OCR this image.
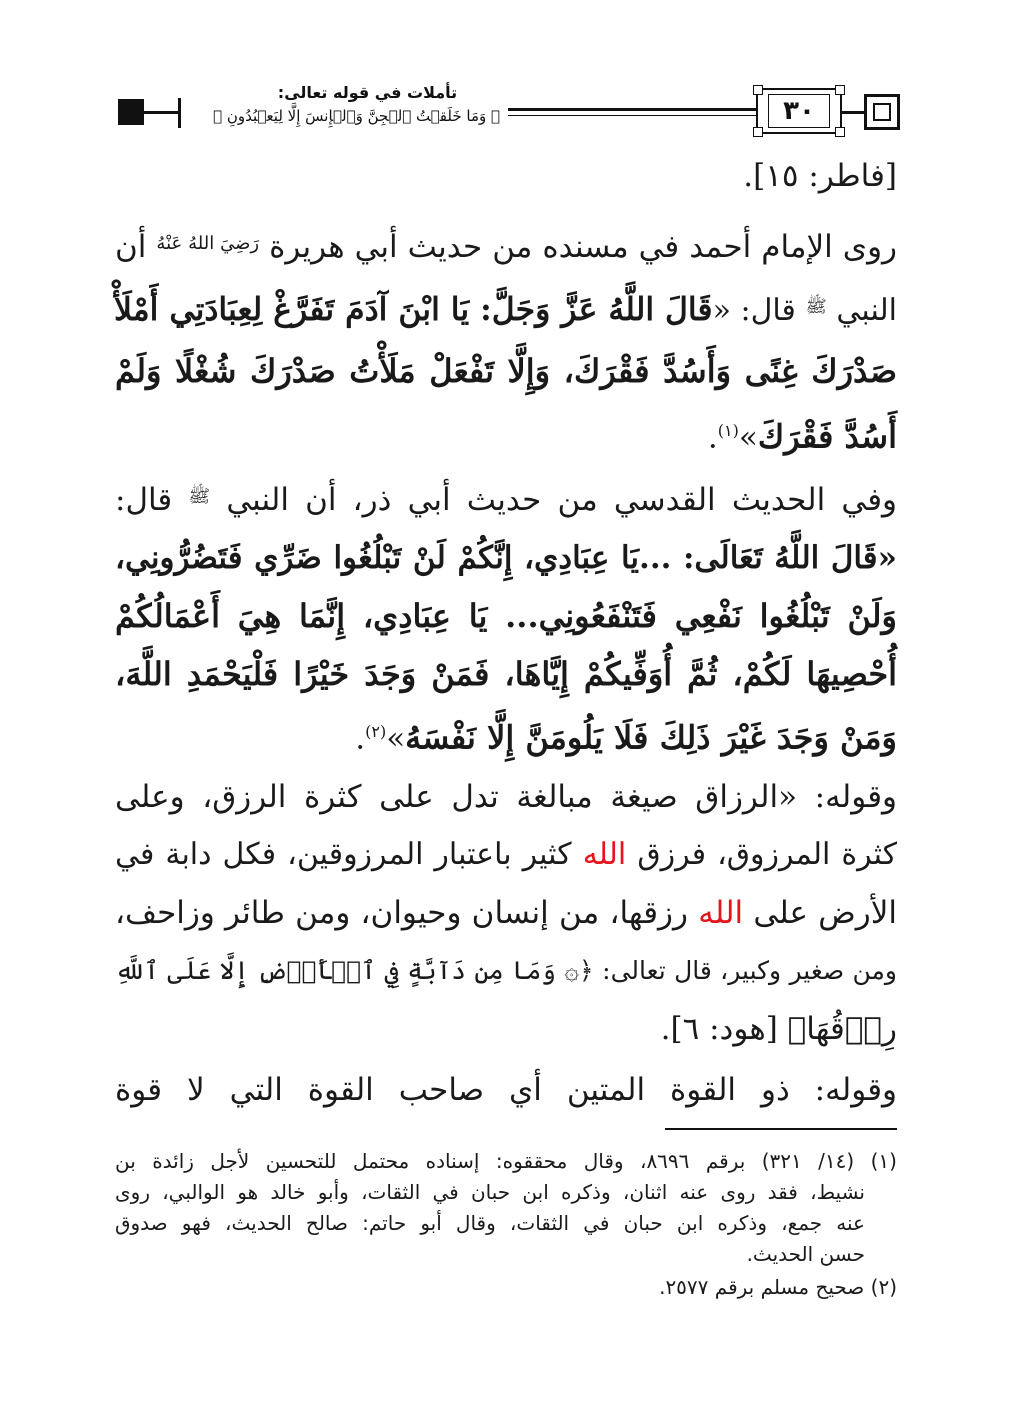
٣٠
تأملات في قوله تعالى:
﴿ وَمَا خَلَقۡتُ ٱلۡجِنَّ وَٱلۡإِنسَ إِلَّا لِيَعۡبُدُونِ ﴾
[فاطر: ١٥].
روى الإمام أحمد في مسنده من حديث أبي هريرة $^{رَضِيَ اللهُ عَنْهُ}$ أن
النبي $^ﷺ$ قال: «قَالَ اللَّهُ عَزَّ وَجَلَّ: يَا ابْنَ آدَمَ تَفَرَّغْ لِعِبَادَتِي أَمْلَأْ
صَدْرَكَ غِنًى وَأَسُدَّ فَقْرَكَ، وَإِلَّا تَفْعَلْ مَلَأْتُ صَدْرَكَ شُغْلًا وَلَمْ
أَسُدَّ فَقْرَكَ»$^{(١)}$.
وفي الحديث القدسي من حديث أبي ذر، أن النبي $^ﷺ$ قال:
«قَالَ اللَّهُ تَعَالَى: ...يَا عِبَادِي، إِنَّكُمْ لَنْ تَبْلُغُوا ضَرِّي فَتَضُرُّونِي،
وَلَنْ تَبْلُغُوا نَفْعِي فَتَنْفَعُونِي... يَا عِبَادِي، إِنَّمَا هِيَ أَعْمَالُكُمْ
أُحْصِيهَا لَكُمْ، ثُمَّ أُوَفِّيكُمْ إِيَّاهَا، فَمَنْ وَجَدَ خَيْرًا فَلْيَحْمَدِ اللَّهَ،
وَمَنْ وَجَدَ غَيْرَ ذَلِكَ فَلَا يَلُومَنَّ إِلَّا نَفْسَهُ»$^{(٢)}$.
وقوله: «الرزاق صيغة مبالغة تدل على كثرة الرزق، وعلى
كثرة المرزوق، فرزق الله كثير باعتبار المرزوقين، فكل دابة في
الأرض على الله رزقها، من إنسان وحيوان، ومن طائر وزاحف،
ومن صغير وكبير، قال تعالى: ﴿۞ وَمَا مِن دَآبَّةٍ فِي ٱلۡأَرۡضِ إِلَّا عَلَى ٱللَّهِ
رِزۡقُهَا﴾ [هود: ٦].
وقوله: ذو القوة المتين أي صاحب القوة التي لا قوة
(١) (١٤/ ٣٢١) برقم ٨٦٩٦، وقال محققوه: إسناده محتمل للتحسين لأجل زائدة بن
نشيط، فقد روى عنه اثنان، وذكره ابن حبان في الثقات، وأبو خالد هو الوالبي، روى
عنه جمع، وذكره ابن حبان في الثقات، وقال أبو حاتم: صالح الحديث، فهو صدوق
حسن الحديث.
(٢) صحيح مسلم برقم ٢٥٧٧.
